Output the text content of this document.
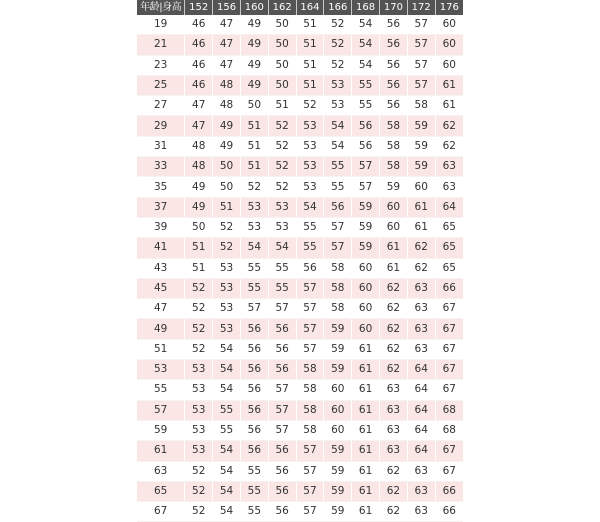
年龄|身高	152	156	160	162	164	166	168	170	172	176
19	46	47	49	50	51	52	54	56	57	60
21	46	47	49	50	51	52	54	56	57	60
23	46	47	49	50	51	52	54	56	57	60
25	46	48	49	50	51	53	55	56	57	61
27	47	48	50	51	52	53	55	56	58	61
29	47	49	51	52	53	54	56	58	59	62
31	48	49	51	52	53	54	56	58	59	62
33	48	50	51	52	53	55	57	58	59	63
35	49	50	52	52	53	55	57	59	60	63
37	49	51	53	53	54	56	59	60	61	64
39	50	52	53	53	55	57	59	60	61	65
41	51	52	54	54	55	57	59	61	62	65
43	51	53	55	55	56	58	60	61	62	65
45	52	53	55	55	57	58	60	62	63	66
47	52	53	57	57	57	58	60	62	63	67
49	52	53	56	56	57	59	60	62	63	67
51	52	54	56	56	57	59	61	62	63	67
53	53	54	56	56	58	59	61	62	64	67
55	53	54	56	57	58	60	61	63	64	67
57	53	55	56	57	58	60	61	63	64	68
59	53	55	56	57	58	60	61	63	64	68
61	53	54	56	56	57	59	61	63	64	67
63	52	54	55	56	57	59	61	62	63	67
65	52	54	55	56	57	59	61	62	63	66
67	52	54	55	56	57	59	61	62	63	66
